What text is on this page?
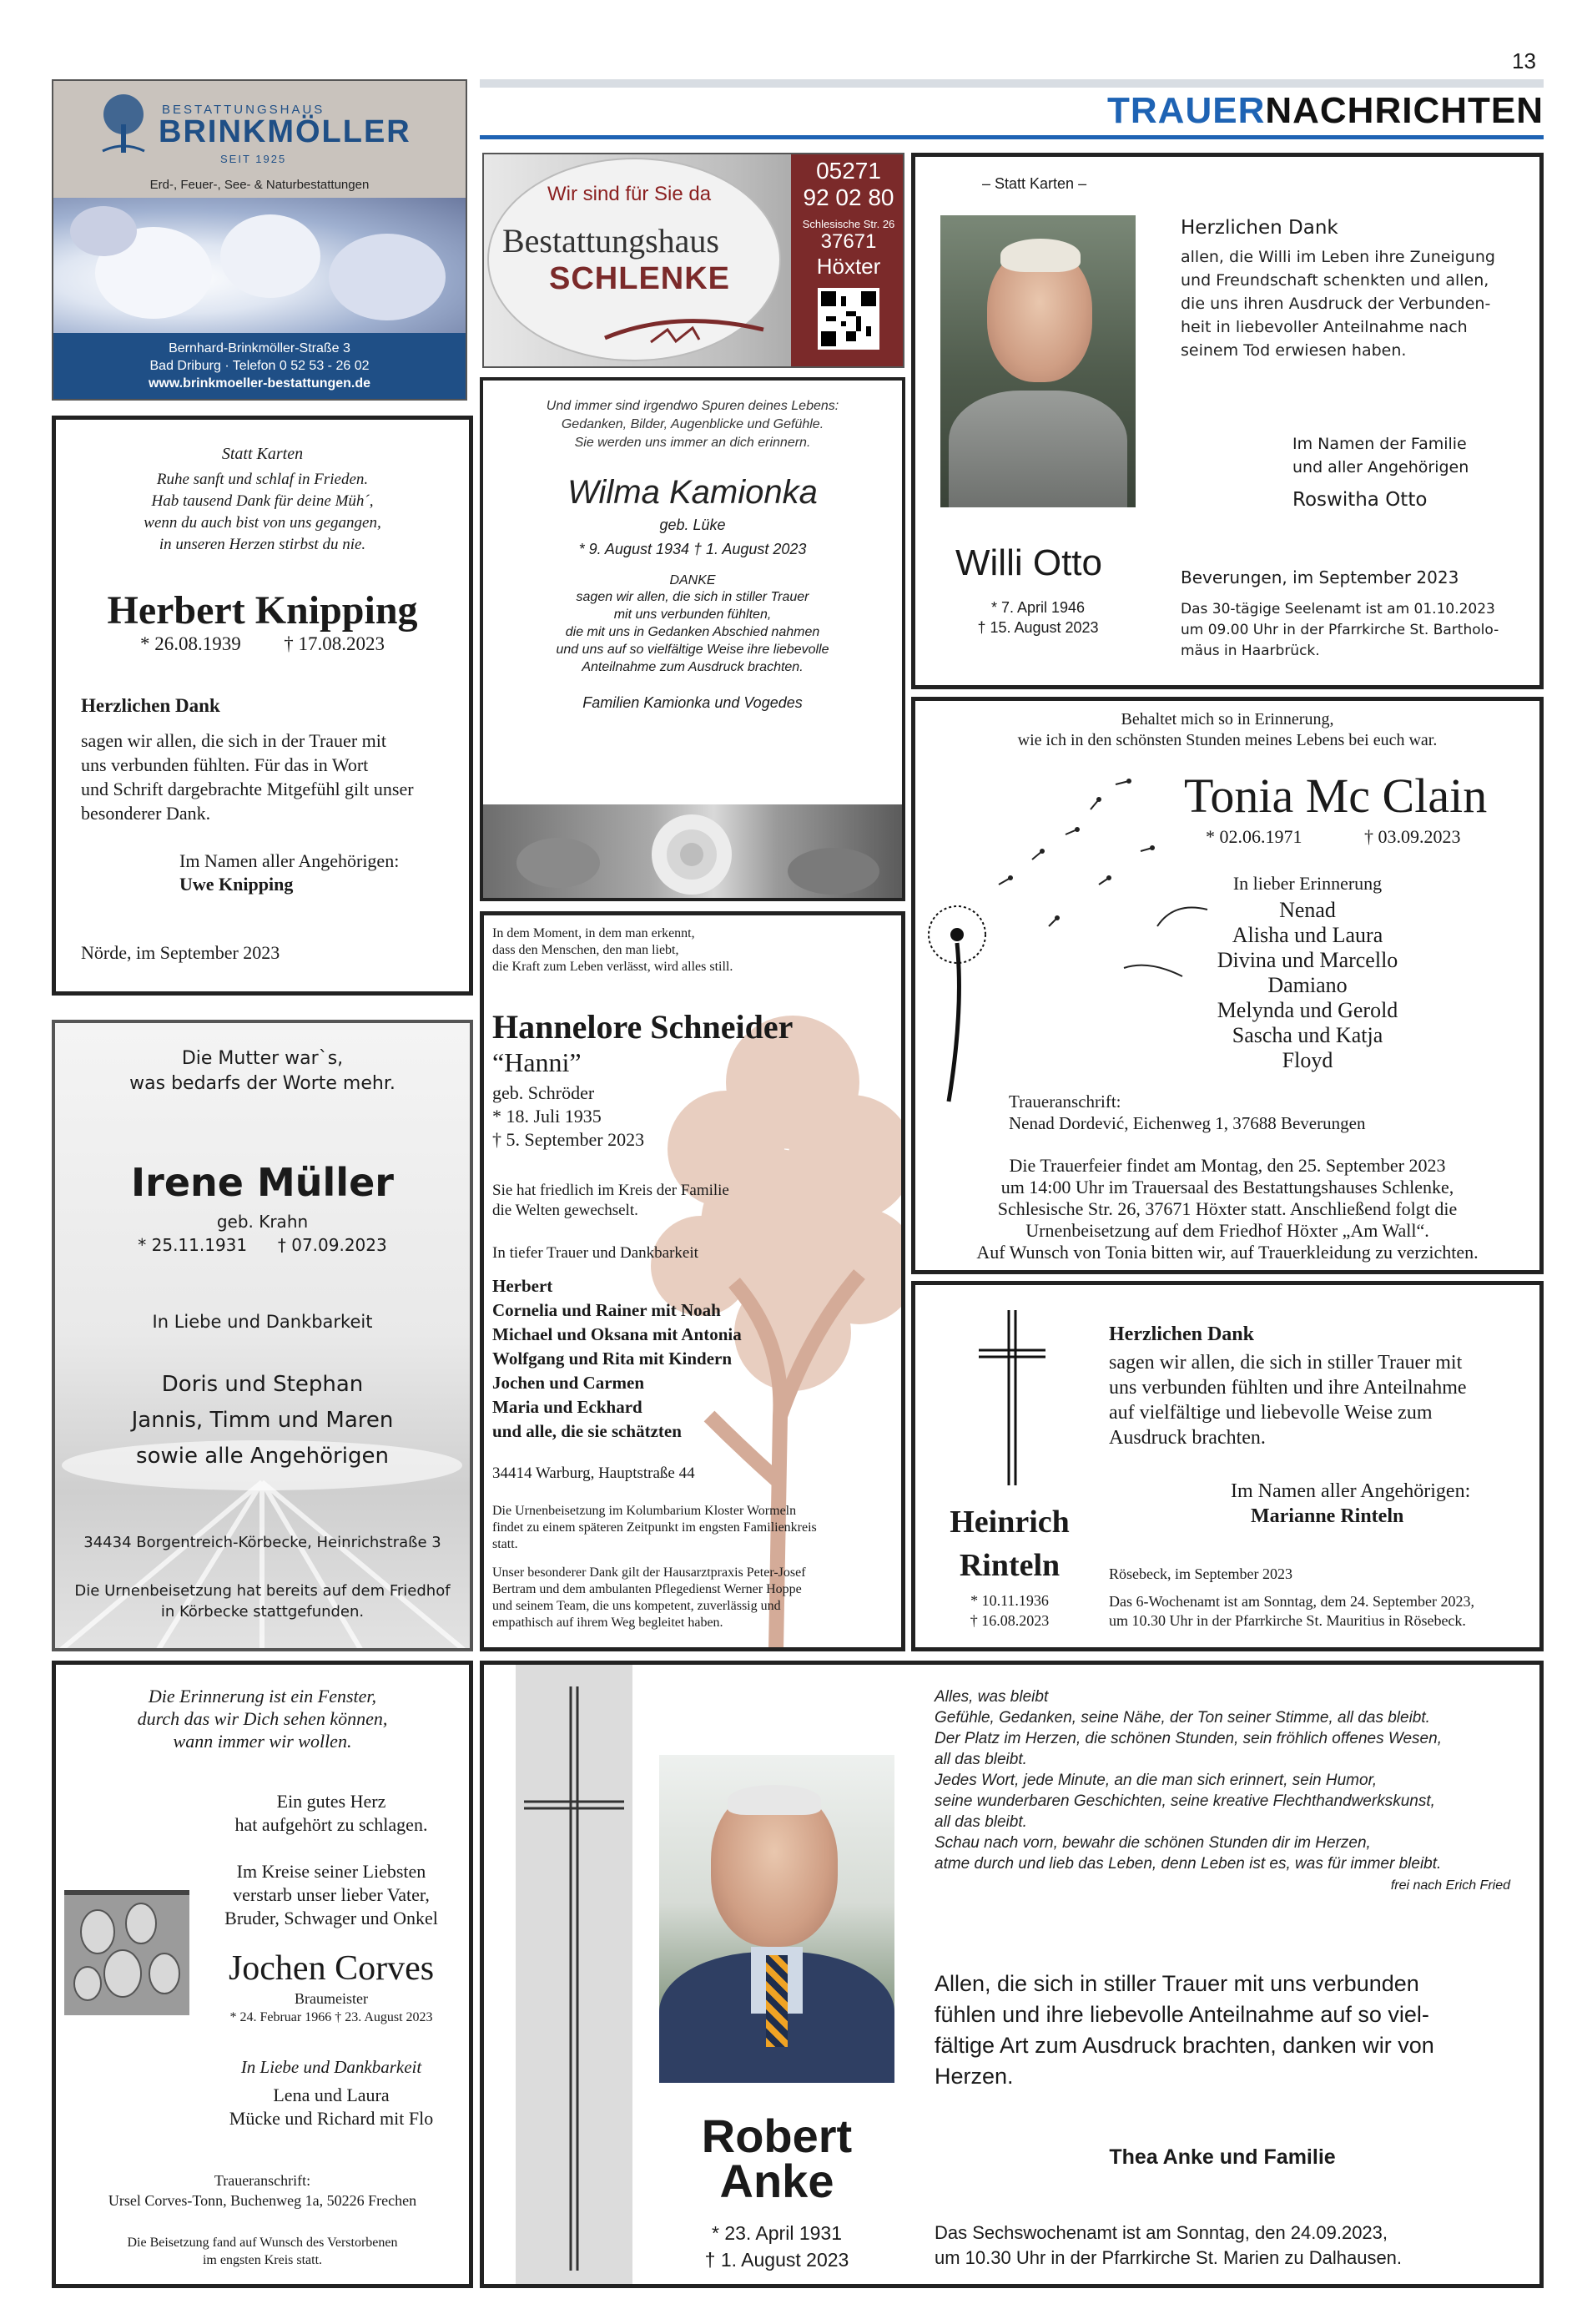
13
TRAUERNACHRICHTEN
BESTATTUNGSHAUS
BRINKMÖLLER
SEIT 1925
Erd-, Feuer-, See- & Naturbestattungen
Bernhard-Brinkmöller-Straße 3
Bad Driburg · Telefon 0 52 53 - 26 02
www.brinkmoeller-bestattungen.de
Wir sind für Sie da
Bestattungshaus
SCHLENKE
05271
92 02 80
Schlesische Str. 26
37671
Höxter
Statt Karten
Ruhe sanft und schlaf in Frieden.
Hab tausend Dank für deine Müh´,
wenn du auch bist von uns gegangen,
in unseren Herzen stirbst du nie.
Herbert Knipping
* 26.08.1939 † 17.08.2023
Herzlichen Dank
sagen wir allen, die sich in der Trauer mit
uns verbunden fühlten. Für das in Wort
und Schrift dargebrachte Mitgefühl gilt unser
besonderer Dank.
Im Namen aller Angehörigen:
Uwe Knipping
Nörde, im September 2023
Und immer sind irgendwo Spuren deines Lebens:
Gedanken, Bilder, Augenblicke und Gefühle.
Sie werden uns immer an dich erinnern.
Wilma Kamionka
geb. Lüke
* 9. August 1934 † 1. August 2023
DANKE
sagen wir allen, die sich in stiller Trauer
mit uns verbunden fühlten,
die mit uns in Gedanken Abschied nahmen
und uns auf so vielfältige Weise ihre liebevolle
Anteilnahme zum Ausdruck brachten.
Familien Kamionka und Vogedes
– Statt Karten –
Willi Otto
* 7. April 1946
† 15. August 2023
Herzlichen Dank
allen, die Willi im Leben ihre Zuneigung
und Freundschaft schenkten und allen,
die uns ihren Ausdruck der Verbunden-
heit in liebevoller Anteilnahme nach
seinem Tod erwiesen haben.
Im Namen der Familie
und aller Angehörigen
Roswitha Otto
Beverungen, im September 2023
Das 30-tägige Seelenamt ist am 01.10.2023
um 09.00 Uhr in der Pfarrkirche St. Bartholo-
mäus in Haarbrück.
Behaltet mich so in Erinnerung,
wie ich in den schönsten Stunden meines Lebens bei euch war.
Tonia Mc Clain
* 02.06.1971	† 03.09.2023
In lieber Erinnerung
Nenad
Alisha und Laura
Divina und Marcello
Damiano
Melynda und Gerold
Sascha und Katja
Floyd
Traueranschrift:
Nenad Dordević, Eichenweg 1, 37688 Beverungen
Die Trauerfeier findet am Montag, den 25. September 2023
um 14:00 Uhr im Trauersaal des Bestattungshauses Schlenke,
Schlesische Str. 26, 37671 Höxter statt. Anschließend folgt die
Urnenbeisetzung auf dem Friedhof Höxter „Am Wall“.
Auf Wunsch von Tonia bitten wir, auf Trauerkleidung zu verzichten.
Die Mutter war`s,
was bedarfs der Worte mehr.
Irene Müller
geb. Krahn
* 25.11.1931 † 07.09.2023
In Liebe und Dankbarkeit
Doris und Stephan
Jannis, Timm und Maren
sowie alle Angehörigen
34434 Borgentreich-Körbecke, Heinrichstraße 3
Die Urnenbeisetzung hat bereits auf dem Friedhof
in Körbecke stattgefunden.
In dem Moment, in dem man erkennt,
dass den Menschen, den man liebt,
die Kraft zum Leben verlässt, wird alles still.
Hannelore Schneider
“Hanni”
geb. Schröder
* 18. Juli 1935
† 5. September 2023
Sie hat friedlich im Kreis der Familie
die Welten gewechselt.
In tiefer Trauer und Dankbarkeit
Herbert
Cornelia und Rainer mit Noah
Michael und Oksana mit Antonia
Wolfgang und Rita mit Kindern
Jochen und Carmen
Maria und Eckhard
und alle, die sie schätzten
34414 Warburg, Hauptstraße 44
Die Urnenbeisetzung im Kolumbarium Kloster Wormeln
findet zu einem späteren Zeitpunkt im engsten Familienkreis
statt.
Unser besonderer Dank gilt der Hausarztpraxis Peter-Josef
Bertram und dem ambulanten Pflegedienst Werner Hoppe
und seinem Team, die uns kompetent, zuverlässig und
empathisch auf ihrem Weg begleitet haben.
Heinrich
Rinteln
* 10.11.1936
† 16.08.2023
Herzlichen Dank
sagen wir allen, die sich in stiller Trauer mit
uns verbunden fühlten und ihre Anteilnahme
auf vielfältige und liebevolle Weise zum
Ausdruck brachten.
Im Namen aller Angehörigen:
Marianne Rinteln
Rösebeck, im September 2023
Das 6-Wochenamt ist am Sonntag, dem 24. September 2023,
um 10.30 Uhr in der Pfarrkirche St. Mauritius in Rösebeck.
Die Erinnerung ist ein Fenster,
durch das wir Dich sehen können,
wann immer wir wollen.
Ein gutes Herz
hat aufgehört zu schlagen.
Im Kreise seiner Liebsten
verstarb unser lieber Vater,
Bruder, Schwager und Onkel
Jochen Corves
Braumeister
* 24. Februar 1966 † 23. August 2023
In Liebe und Dankbarkeit
Lena und Laura
Mücke und Richard mit Flo
Traueranschrift:
Ursel Corves-Tonn, Buchenweg 1a, 50226 Frechen
Die Beisetzung fand auf Wunsch des Verstorbenen
im engsten Kreis statt.
Robert
Anke
* 23. April 1931
† 1. August 2023
Alles, was bleibt
Gefühle, Gedanken, seine Nähe, der Ton seiner Stimme, all das bleibt.
Der Platz im Herzen, die schönen Stunden, sein fröhlich offenes Wesen,
all das bleibt.
Jedes Wort, jede Minute, an die man sich erinnert, sein Humor,
seine wunderbaren Geschichten, seine kreative Flechthandwerkskunst,
all das bleibt.
Schau nach vorn, bewahr die schönen Stunden dir im Herzen,
atme durch und lieb das Leben, denn Leben ist es, was für immer bleibt.
frei nach Erich Fried
Allen, die sich in stiller Trauer mit uns verbunden
fühlen und ihre liebevolle Anteilnahme auf so viel-
fältige Art zum Ausdruck brachten, danken wir von
Herzen.
Thea Anke und Familie
Das Sechswochenamt ist am Sonntag, den 24.09.2023,
um 10.30 Uhr in der Pfarrkirche St. Marien zu Dalhausen.
